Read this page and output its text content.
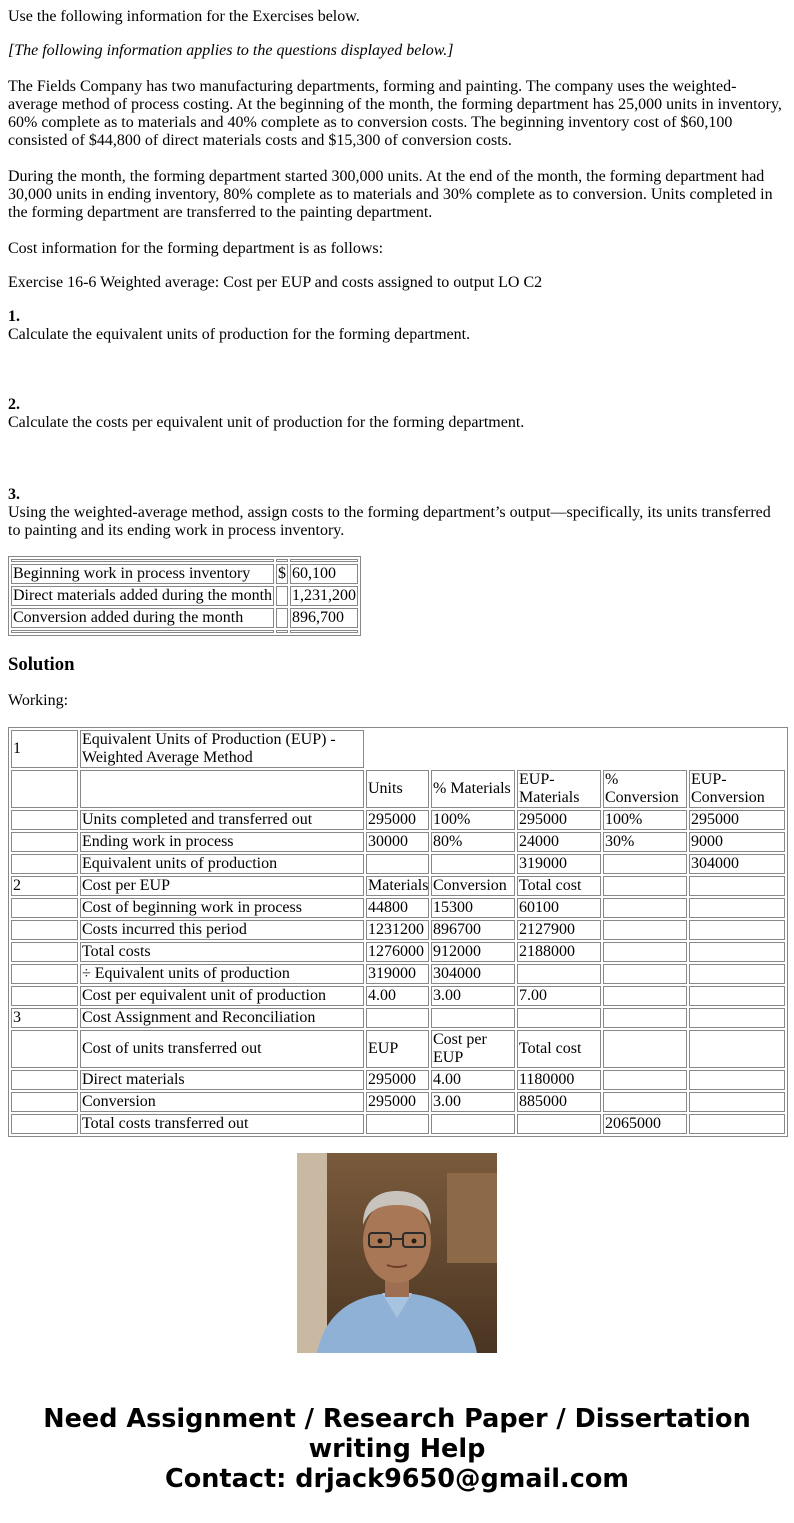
Use the following information for the Exercises below.

[The following information applies to the questions displayed below.]

The Fields Company has two manufacturing departments, forming and painting. The company uses the weighted-average method of process costing. At the beginning of the month, the forming department has 25,000 units in inventory, 60% complete as to materials and 40% complete as to conversion costs. The beginning inventory cost of $60,100 consisted of $44,800 of direct materials costs and $15,300 of conversion costs.

During the month, the forming department started 300,000 units. At the end of the month, the forming department had 30,000 units in ending inventory, 80% complete as to materials and 30% complete as to conversion. Units completed in the forming department are transferred to the painting department.

Cost information for the forming department is as follows:

Exercise 16-6 Weighted average: Cost per EUP and costs assigned to output LO C2

1.
Calculate the equivalent units of production for the forming department.
2.
Calculate the costs per equivalent unit of production for the forming department.
3.
Using the weighted-average method, assign costs to the forming department’s output—specifically, its units transferred to painting and its ending work in process inventory.

Beginning work in process inventory	$	60,100
Direct materials added during the month		1,231,200
Conversion added during the month		896,700

Solution
Working:
1	Equivalent Units of Production (EUP) - Weighted Average Method					
		Units	% Materials	EUP-Materials	% Conversion	EUP-Conversion
	Units completed and transferred out	295000	100%	295000	100%	295000
	Ending work in process	30000	80%	24000	30%	9000
	Equivalent units of production			319000		304000
2	Cost per EUP	Materials	Conversion	Total cost		
	Cost of beginning work in process	44800	15300	60100		
	Costs incurred this period	1231200	896700	2127900		
	Total costs	1276000	912000	2188000		
	÷ Equivalent units of production	319000	304000			
	Cost per equivalent unit of production	4.00	3.00	7.00		
3	Cost Assignment and Reconciliation					
	Cost of units transferred out	EUP	Cost per EUP	Total cost		
	Direct materials	295000	4.00	1180000		
	Conversion	295000	3.00	885000		
	Total costs transferred out				2065000	
Need Assignment / Research Paper / Dissertation
writing Help
Contact: drjack9650@gmail.com
